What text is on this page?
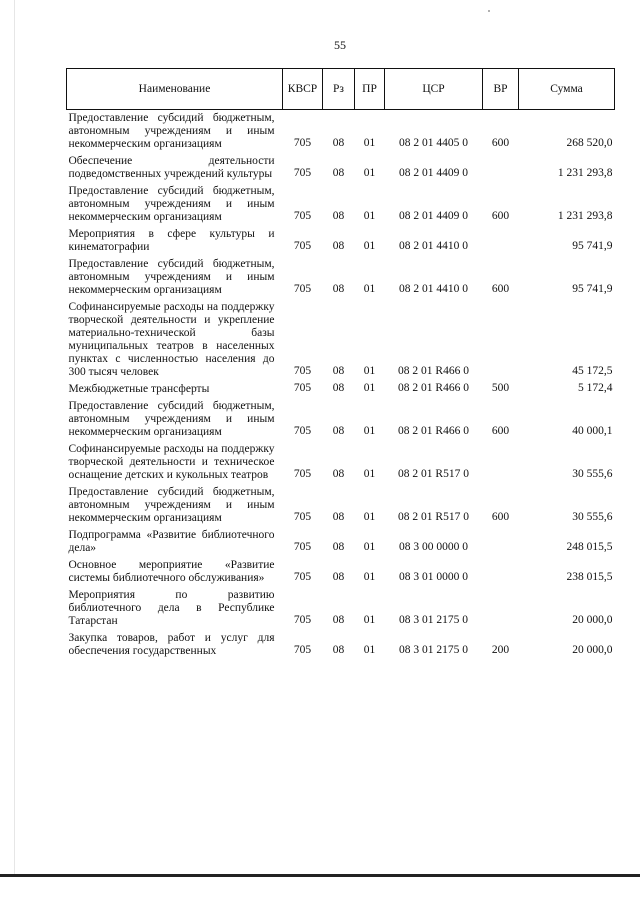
55
Наименование	КВСР	Рз	ПР	ЦСР	ВР	Сумма
Предоставление субсидий бюджетным, автономным учреждениям и иным некоммерческим организациям	705	08	01	08 2 01 4405 0	600	268 520,0
Обеспечение деятельности подведомственных учреждений культуры	705	08	01	08 2 01 4409 0		1 231 293,8
Предоставление субсидий бюджетным, автономным учреждениям и иным некоммерческим организациям	705	08	01	08 2 01 4409 0	600	1 231 293,8
Мероприятия в сфере культуры и кинематографии	705	08	01	08 2 01 4410 0		95 741,9
Предоставление субсидий бюджетным, автономным учреждениям и иным некоммерческим организациям	705	08	01	08 2 01 4410 0	600	95 741,9
Софинансируемые расходы на поддержку творческой деятельности и укрепление материально-технической базы муниципальных театров в населенных пунктах с численностью населения до 300 тысяч человек	705	08	01	08 2 01 R466 0		45 172,5
Межбюджетные трансферты	705	08	01	08 2 01 R466 0	500	5 172,4
Предоставление субсидий бюджетным, автономным учреждениям и иным некоммерческим организациям	705	08	01	08 2 01 R466 0	600	40 000,1
Софинансируемые расходы на поддержку творческой деятельности и техническое оснащение детских и кукольных театров	705	08	01	08 2 01 R517 0		30 555,6
Предоставление субсидий бюджетным, автономным учреждениям и иным некоммерческим организациям	705	08	01	08 2 01 R517 0	600	30 555,6
Подпрограмма «Развитие библиотечного дела»	705	08	01	08 3 00 0000 0		248 015,5
Основное мероприятие «Развитие системы библиотечного обслуживания»	705	08	01	08 3 01 0000 0		238 015,5
Мероприятия по развитию библиотечного дела в Республике Татарстан	705	08	01	08 3 01 2175 0		20 000,0
Закупка товаров, работ и услуг для обеспечения государственных	705	08	01	08 3 01 2175 0	200	20 000,0
